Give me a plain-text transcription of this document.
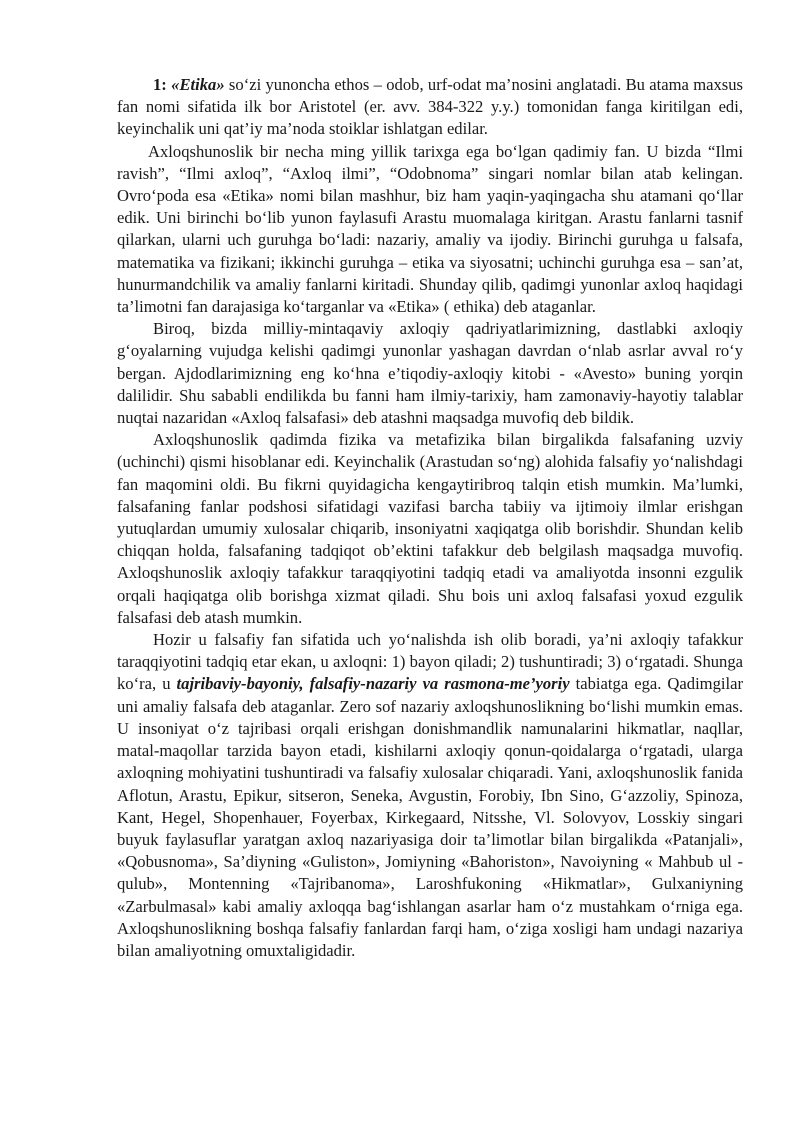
1: «Etika» so‘zi yunoncha ethos – odob, urf-odat ma’nosini anglatadi. Bu atama maxsus fan nomi sifatida ilk bor Aristotel (er. avv. 384-322 y.y.) tomonidan fanga kiritilgan edi, keyinchalik uni qat’iy ma’noda stoiklar ishlatgan edilar.

Axloqshunoslik bir necha ming yillik tarixga ega bo‘lgan qadimiy fan. U bizda “Ilmi ravish”, “Ilmi axloq”, “Axloq ilmi”, “Odobnoma” singari nomlar bilan atab kelingan. Ovro‘poda esa «Etika» nomi bilan mashhur, biz ham yaqin-yaqingacha shu atamani qo‘llar edik. Uni birinchi bo‘lib yunon faylasufi Arastu muomalaga kiritgan. Arastu fanlarni tasnif qilarkan, ularni uch guruhga bo‘ladi: nazariy, amaliy va ijodiy. Birinchi guruhga u falsafa, matematika va fizikani; ikkinchi guruhga – etika va siyosatni; uchinchi guruhga esa – san’at, hunurmandchilik va amaliy fanlarni kiritadi. Shunday qilib, qadimgi yunonlar axloq haqidagi ta’limotni fan darajasiga ko‘targanlar va «Etika» ( ethika) deb ataganlar.

Biroq, bizda milliy-mintaqaviy axloqiy qadriyatlarimizning, dastlabki axloqiy g‘oyalarning vujudga kelishi qadimgi yunonlar yashagan davrdan o‘nlab asrlar avval ro‘y bergan. Ajdodlarimizning eng ko‘hna e’tiqodiy-axloqiy kitobi - «Avesto» buning yorqin dalilidir. Shu sababli endilikda bu fanni ham ilmiy-tarixiy, ham zamonaviy-hayotiy talablar nuqtai nazaridan «Axloq falsafasi» deb atashni maqsadga muvofiq deb bildik.

Axloqshunoslik qadimda fizika va metafizika bilan birgalikda falsafaning uzviy (uchinchi) qismi hisoblanar edi. Keyinchalik (Arastudan so‘ng) alohida falsafiy yo‘nalishdagi fan maqomini oldi. Bu fikrni quyidagicha kengaytiribroq talqin etish mumkin. Ma’lumki, falsafaning fanlar podshosi sifatidagi vazifasi barcha tabiiy va ijtimoiy ilmlar erishgan yutuqlardan umumiy xulosalar chiqarib, insoniyatni xaqiqatga olib borishdir. Shundan kelib chiqqan holda, falsafaning tadqiqot ob’ektini tafakkur deb belgilash maqsadga muvofiq. Axloqshunoslik axloqiy tafakkur taraqqiyotini tadqiq etadi va amaliyotda insonni ezgulik orqali haqiqatga olib borishga xizmat qiladi. Shu bois uni axloq falsafasi yoxud ezgulik falsafasi deb atash mumkin.

Hozir u falsafiy fan sifatida uch yo‘nalishda ish olib boradi, ya’ni axloqiy tafakkur taraqqiyotini tadqiq etar ekan, u axloqni: 1) bayon qiladi; 2) tushuntiradi; 3) o‘rgatadi. Shunga ko‘ra, u tajribaviy-bayoniy, falsafiy-nazariy va rasmona-me’yoriy tabiatga ega. Qadimgilar uni amaliy falsafa deb ataganlar. Zero sof nazariy axloqshunoslikning bo‘lishi mumkin emas. U insoniyat o‘z tajribasi orqali erishgan donishmandlik namunalarini hikmatlar, naqllar, matal-maqollar tarzida bayon etadi, kishilarni axloqiy qonun-qoidalarga o‘rgatadi, ularga axloqning mohiyatini tushuntiradi va falsafiy xulosalar chiqaradi. Yani, axloqshunoslik fanida Aflotun, Arastu, Epikur, sitseron, Seneka, Avgustin, Forobiy, Ibn Sino, G‘azzoliy, Spinoza, Kant, Hegel, Shopenhauer, Foyerbax, Kirkegaard, Nitsshe, Vl. Solovyov, Losskiy singari buyuk faylasuflar yaratgan axloq nazariyasiga doir ta’limotlar bilan birgalikda «Patanjali», «Qobusnoma», Sa’diyning «Guliston», Jomiyning «Bahoriston», Navoiyning « Mahbub ul - qulub», Montenning «Tajribanoma», Laroshfukoning «Hikmatlar», Gulxaniyning «Zarbulmasal» kabi amaliy axloqqa bag‘ishlangan asarlar ham o‘z mustahkam o‘rniga ega. Axloqshunoslikning boshqa falsafiy fanlardan farqi ham, o‘ziga xosligi ham undagi nazariya bilan amaliyotning omuxtaligidadir.
